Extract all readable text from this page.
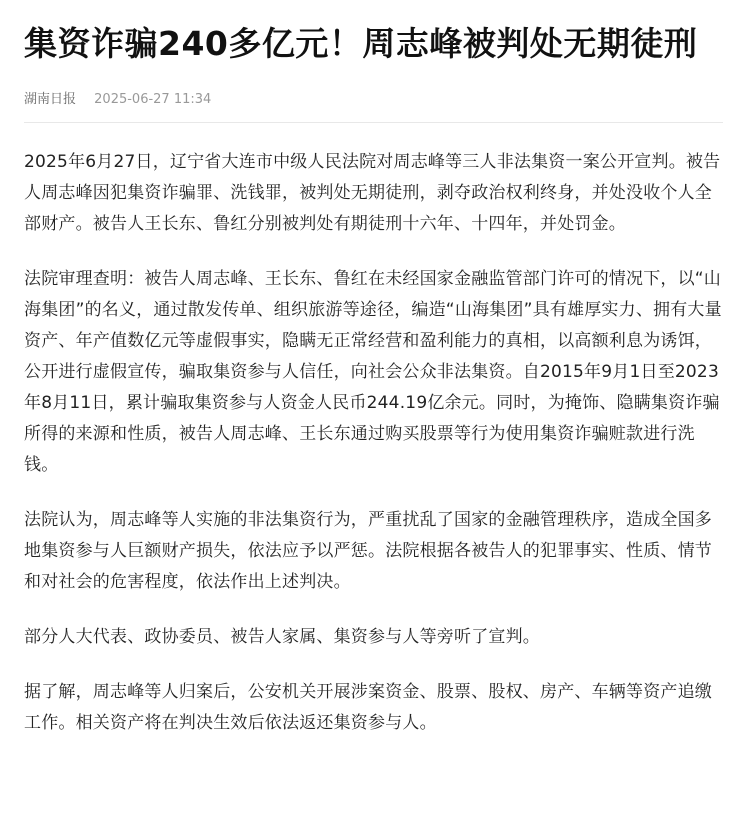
集资诈骗240多亿元！周志峰被判处无期徒刑
湖南日报 2025-06-27 11:34

2025年6月27日，辽宁省大连市中级人民法院对周志峰等三人非法集资一案公开宣判。被告人周志峰因犯集资诈骗罪、洗钱罪，被判处无期徒刑，剥夺政治权利终身，并处没收个人全部财产。被告人王长东、鲁红分别被判处有期徒刑十六年、十四年，并处罚金。

法院审理查明：被告人周志峰、王长东、鲁红在未经国家金融监管部门许可的情况下，以“山海集团”的名义，通过散发传单、组织旅游等途径，编造“山海集团”具有雄厚实力、拥有大量资产、年产值数亿元等虚假事实，隐瞒无正常经营和盈利能力的真相，以高额利息为诱饵，公开进行虚假宣传，骗取集资参与人信任，向社会公众非法集资。自2015年9月1日至2023年8月11日，累计骗取集资参与人资金人民币244.19亿余元。同时，为掩饰、隐瞒集资诈骗所得的来源和性质，被告人周志峰、王长东通过购买股票等行为使用集资诈骗赃款进行洗钱。

法院认为，周志峰等人实施的非法集资行为，严重扰乱了国家的金融管理秩序，造成全国多地集资参与人巨额财产损失，依法应予以严惩。法院根据各被告人的犯罪事实、性质、情节和对社会的危害程度，依法作出上述判决。

部分人大代表、政协委员、被告人家属、集资参与人等旁听了宣判。

据了解，周志峰等人归案后，公安机关开展涉案资金、股票、股权、房产、车辆等资产追缴工作。相关资产将在判决生效后依法返还集资参与人。
